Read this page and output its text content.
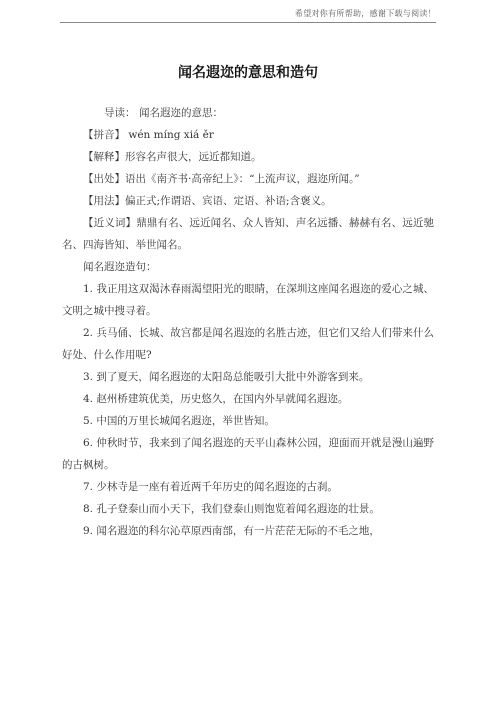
希望对你有所帮助，感谢下载与阅读！
闻名遐迩的意思和造句

导读： 闻名遐迩的意思：

【拼音】 wén míng xiá ěr

【解释】形容名声很大，远近都知道。

【出处】语出《南齐书·高帝纪上》：“上流声议，遐迩所闻。”

【用法】偏正式;作谓语、宾语、定语、补语;含褒义。

【近义词】鼎鼎有名、远近闻名、众人皆知、声名远播、赫赫有名、远近驰名、四海皆知、举世闻名。

闻名遐迩造句：

1. 我正用这双渴沐春雨渴望阳光的眼睛，在深圳这座闻名遐迩的爱心之城、文明之城中搜寻着。

2. 兵马俑、长城、故宫都是闻名遐迩的名胜古迹，但它们又给人们带来什么好处、什么作用呢?

3. 到了夏天，闻名遐迩的太阳岛总能吸引大批中外游客到来。

4. 赵州桥建筑优美，历史悠久，在国内外早就闻名遐迩。

5. 中国的万里长城闻名遐迩，举世皆知。

6. 仲秋时节，我来到了闻名遐迩的天平山森林公园，迎面而开就是漫山遍野的古枫树。

7. 少林寺是一座有着近两千年历史的闻名遐迩的古刹。

8. 孔子登泰山而小天下，我们登泰山则饱览着闻名遐迩的壮景。

9. 闻名遐迩的科尔沁草原西南部，有一片茫茫无际的不毛之地，
